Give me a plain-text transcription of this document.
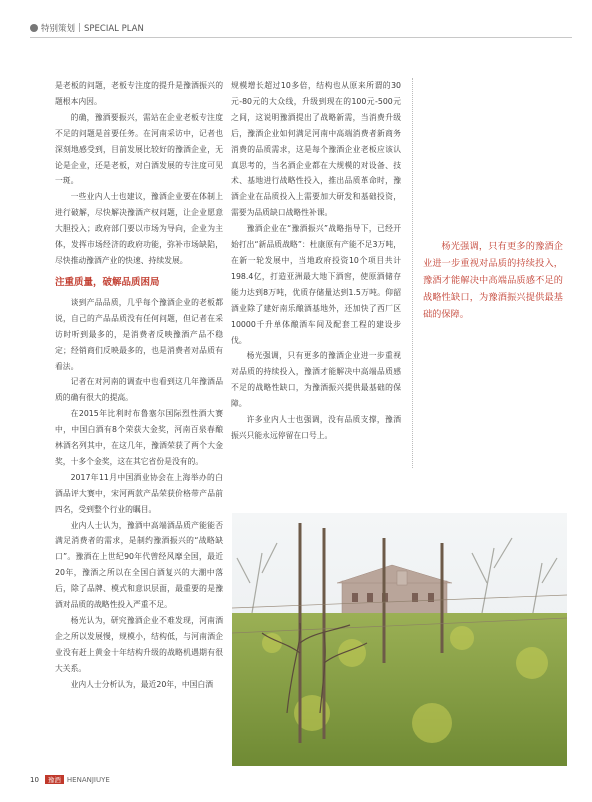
特别策划 SPECIAL PLAN

是老板的问题，老板专注度的提升是豫酒振兴的题根本内因。

的确，豫酒要振兴，需站在企业老板专注度不足的问题是首要任务。在河南采访中，记者也深刻地感受到，目前发展比较好的豫酒企业，无论是企业，还是老板，对白酒发展的专注度可见一斑。

一些业内人士也建议，豫酒企业要在体制上进行破解，尽快解决豫酒产权问题，让企业愿意大胆投入；政府部门要以市场为导向，企业为主体，发挥市场经济的政府功能，弥补市场缺陷，尽快推动豫酒产业的快速、持续发展。

注重质量，破解品质困局

谈到产品品质，几乎每个豫酒企业的老板都说，自己的产品品质没有任何问题，但记者在采访时听到最多的，是消费者反映豫酒产品不稳定；经销商们反映最多的，也是消费者对品质有看法。

记者在对河南的调查中也看到这几年豫酒品质的确有很大的提高。

在2015年比利时布鲁塞尔国际烈性酒大赛中，中国白酒有8个荣获大金奖，河南百泉春酿林酒名列其中，在这几年，豫酒荣获了两个大金奖，十多个金奖，这在其它省份是没有的。

2017年11月中国酒业协会在上海举办的白酒品评大赛中，宋河两款产品荣获价格带产品前四名，受到整个行业的瞩目。

业内人士认为，豫酒中高端酒品质产能能否满足消费者的需求，是制约豫酒振兴的“战略缺口”。豫酒在上世纪90年代曾经风靡全国，最近20年，豫酒之所以在全国白酒复兴的大潮中落后，除了品牌、模式和意识层面，最重要的是豫酒对品质的战略性投入严重不足。

杨光认为，研究豫酒企业不难发现，河南酒企之所以发展慢，规模小，结构低，与河南酒企业没有赶上黄金十年结构升级的战略机遇期有很大关系。

业内人士分析认为，最近20年，中国白酒

规模增长超过10多倍，结构也从原来所谓的30元-80元的大众线，升级到现在的100元-500元之间，这说明豫酒提出了战略新需，当消费升级后，豫酒企业如何满足河南中高端消费者新商务消费的品质需求，这是每个豫酒企业老板应该认真思考的，当名酒企业都在大规模的对设备、技术、基地进行战略性投入，推出品质革命时，豫酒企业在品质投入上需要加大研发和基础投资，需要为品质缺口战略性补课。

豫酒企业在“豫酒振兴”战略指导下，已经开始打出“新品质战略”：杜康原有产能不足3万吨，在新一轮发展中，当地政府投资10个项目共计198.4亿，打造亚洲最大地下酒窖，使原酒储存能力达到8万吨，优质存储量达到1.5万吨。仰韶酒业除了建好南乐酿酒基地外，还加快了西厂区10000千升单体酿酒车间及配套工程的建设步伐。

杨光强调，只有更多的豫酒企业进一步重视对品质的持续投入，豫酒才能解决中高端品质感不足的战略性缺口，为豫酒振兴提供最基础的保障。

许多业内人士也强调，没有品质支撑，豫酒振兴只能永远停留在口号上。

杨光强调，只有更多的豫酒企业进一步重视对品质的持续投入，豫酒才能解决中高端品质感不足的战略性缺口，为豫酒振兴提供最基础的保障。
10 豫酒 HENANJIUYE
